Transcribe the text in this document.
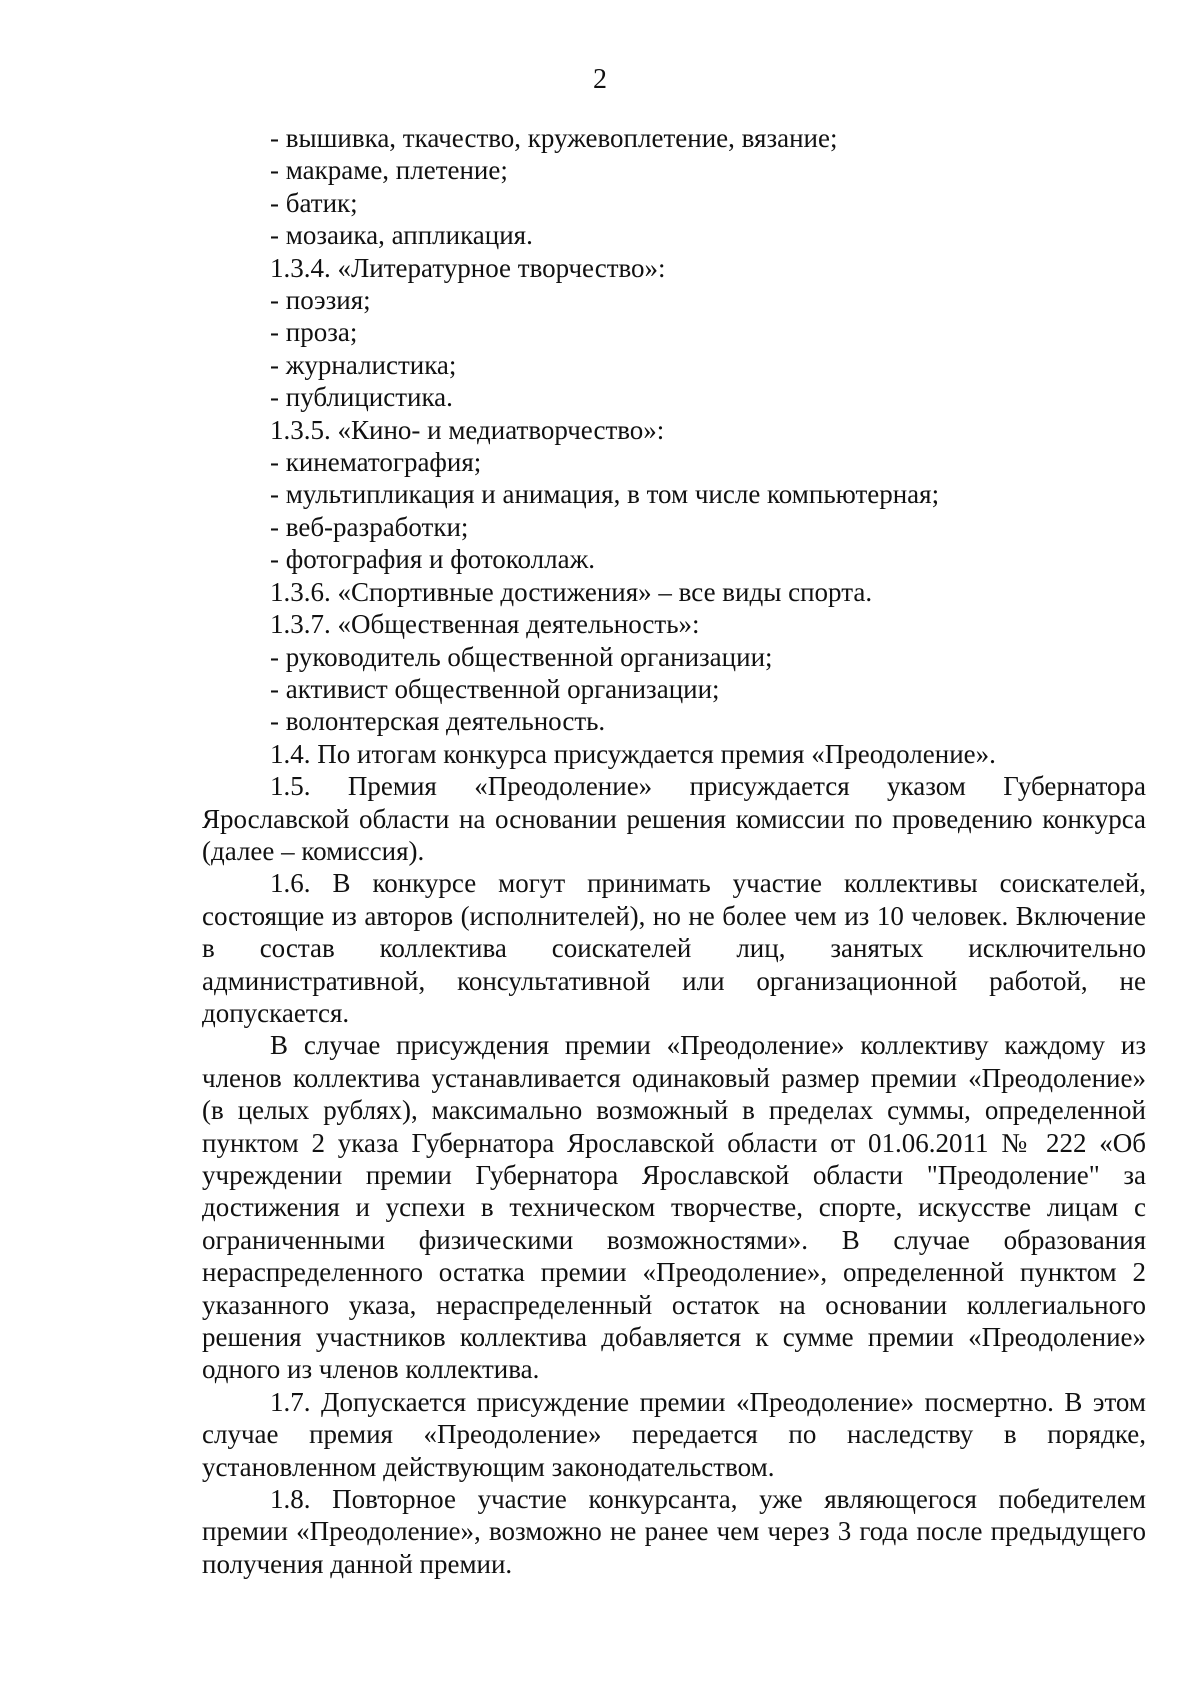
2

- вышивка, ткачество, кружевоплетение, вязание;

- макраме, плетение;

- батик;

- мозаика, аппликация.

1.3.4. «Литературное творчество»:

- поэзия;

- проза;

- журналистика;

- публицистика.

1.3.5. «Кино- и медиатворчество»:

- кинематография;

- мультипликация и анимация, в том числе компьютерная;

- веб-разработки;

- фотография и фотоколлаж.

1.3.6. «Спортивные достижения» – все виды спорта.

1.3.7. «Общественная деятельность»:

- руководитель общественной организации;

- активист общественной организации;

- волонтерская деятельность.

1.4. По итогам конкурса присуждается премия «Преодоление».

1.5. Премия «Преодоление» присуждается указом Губернатора Ярославской области на основании решения комиссии по проведению конкурса (далее – комиссия).

1.6. В конкурсе могут принимать участие коллективы соискателей, состоящие из авторов (исполнителей), но не более чем из 10 человек. Включение в состав коллектива соискателей лиц, занятых исключительно административной, консультативной или организационной работой, не допускается.

В случае присуждения премии «Преодоление» коллективу каждому из членов коллектива устанавливается одинаковый размер премии «Преодоление» (в целых рублях), максимально возможный в пределах суммы, определенной пунктом 2 указа Губернатора Ярославской области от 01.06.2011 № 222 «Об учреждении премии Губернатора Ярославской области "Преодоление" за достижения и успехи в техническом творчестве, спорте, искусстве лицам с ограниченными физическими возможностями». В случае образования нераспределенного остатка премии «Преодоление», определенной пунктом 2 указанного указа, нераспределенный остаток на основании коллегиального решения участников коллектива добавляется к сумме премии «Преодоление» одного из членов коллектива.

1.7. Допускается присуждение премии «Преодоление» посмертно. В этом случае премия «Преодоление» передается по наследству в порядке, установленном действующим законодательством.

1.8. Повторное участие конкурсанта, уже являющегося победителем премии «Преодоление», возможно не ранее чем через 3 года после предыдущего получения данной премии.
